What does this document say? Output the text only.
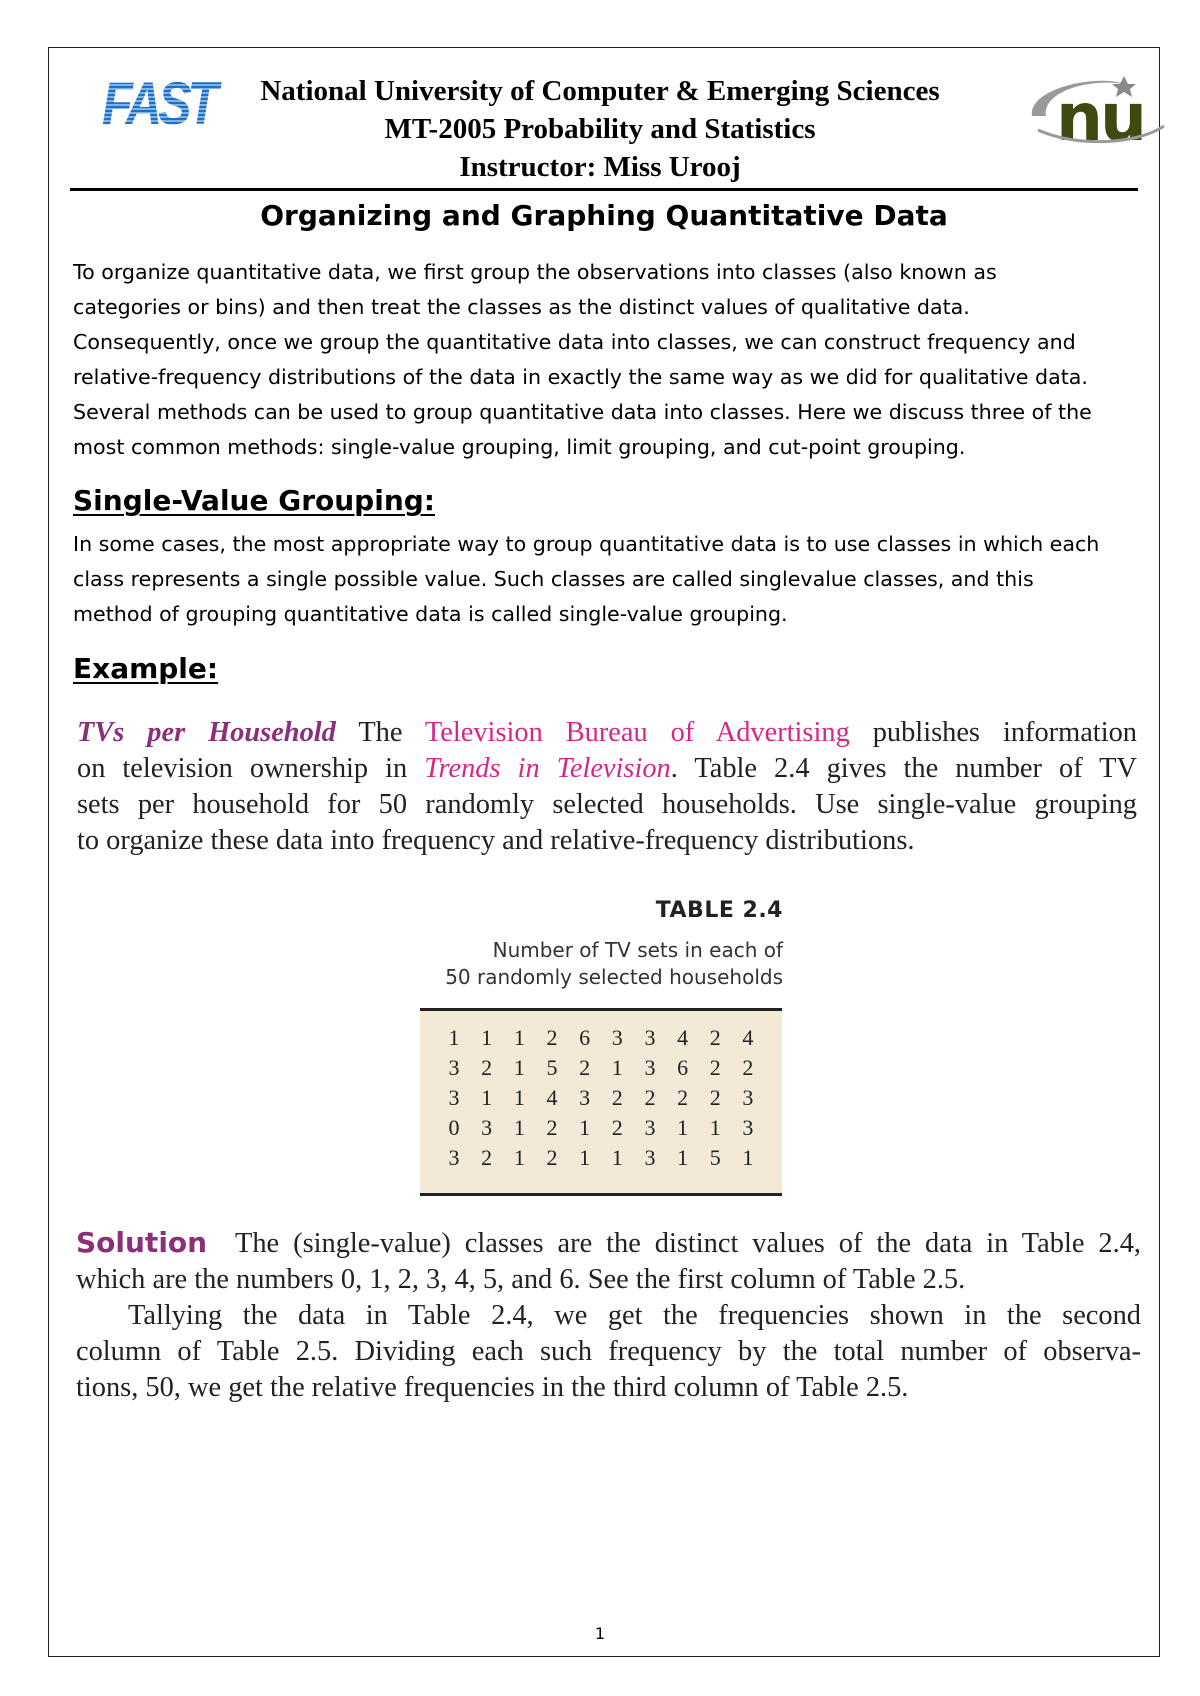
FAST	nu
National University of Computer & Emerging Sciences
MT-2005 Probability and Statistics
Instructor: Miss Urooj
Organizing and Graphing Quantitative Data
To organize quantitative data, we first group the observations into classes (also known as
categories or bins) and then treat the classes as the distinct values of qualitative data.
Consequently, once we group the quantitative data into classes, we can construct frequency and
relative-frequency distributions of the data in exactly the same way as we did for qualitative data.
Several methods can be used to group quantitative data into classes. Here we discuss three of the
most common methods: single-value grouping, limit grouping, and cut-point grouping.
Single-Value Grouping:
In some cases, the most appropriate way to group quantitative data is to use classes in which each
class represents a single possible value. Such classes are called singlevalue classes, and this
method of grouping quantitative data is called single-value grouping.
Example:
TVs per Household The Television Bureau of Advertising publishes information
on television ownership in Trends in Television. Table 2.4 gives the number of TV
sets per household for 50 randomly selected households. Use single-value grouping
to organize these data into frequency and relative-frequency distributions.
TABLE 2.4
Number of TV sets in each of
50 randomly selected households
1 1 1 2 6 3 3 4 2 4
3 2 1 5 2 1 3 6 2 2
3 1 1 4 3 2 2 2 2 3
0 3 1 2 1 2 3 1 1 3
3 2 1 2 1 1 3 1 5 1
Solution The (single-value) classes are the distinct values of the data in Table 2.4,
which are the numbers 0, 1, 2, 3, 4, 5, and 6. See the first column of Table 2.5.
Tallying the data in Table 2.4, we get the frequencies shown in the second
column of Table 2.5. Dividing each such frequency by the total number of observa-
tions, 50, we get the relative frequencies in the third column of Table 2.5.
1
